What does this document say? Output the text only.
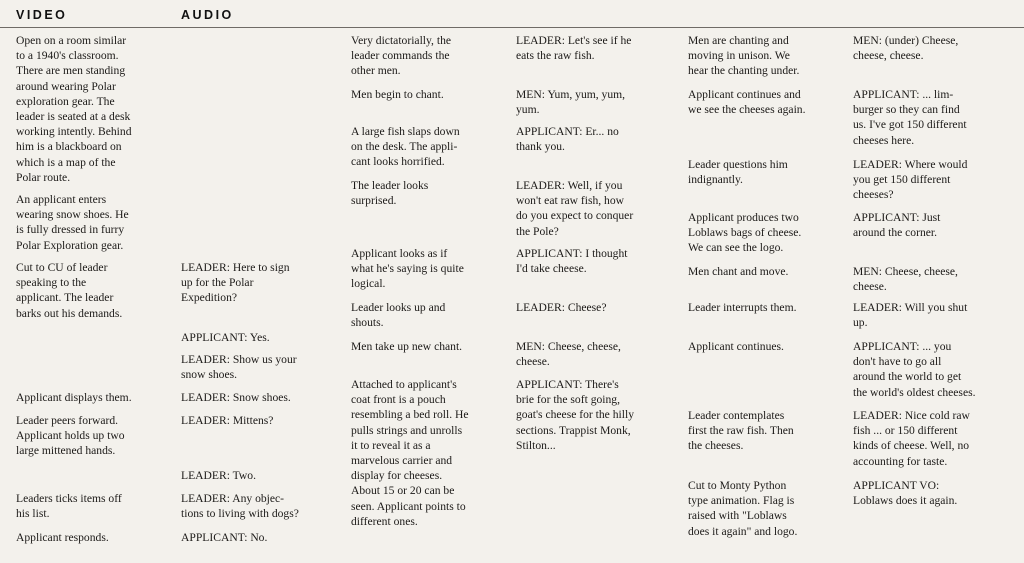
VIDEO	AUDIO

Open on a room similar
to a 1940's classroom.
There are men standing
around wearing Polar
exploration gear. The
leader is seated at a desk
working intently. Behind
him is a blackboard on
which is a map of the
Polar route.

An applicant enters
wearing snow shoes. He
is fully dressed in furry
Polar Exploration gear.

Cut to CU of leader
speaking to the
applicant. The leader
barks out his demands.

Applicant displays them.

Leader peers forward.
Applicant holds up two
large mittened hands.

Leaders ticks items off
his list.

Applicant responds.

LEADER: Here to sign
up for the Polar
Expedition?

APPLICANT: Yes.

LEADER: Show us your
snow shoes.

LEADER: Snow shoes.

LEADER: Mittens?

LEADER: Two.

LEADER: Any objec-
tions to living with dogs?

APPLICANT: No.

Very dictatorially, the
leader commands the
other men.

Men begin to chant.

A large fish slaps down
on the desk. The appli-
cant looks horrified.

The leader looks
surprised.

Applicant looks as if
what he's saying is quite
logical.

Leader looks up and
shouts.

Men take up new chant.

Attached to applicant's
coat front is a pouch
resembling a bed roll. He
pulls strings and unrolls
it to reveal it as a
marvelous carrier and
display for cheeses.
About 15 or 20 can be
seen. Applicant points to
different ones.

LEADER: Let's see if he
eats the raw fish.

MEN: Yum, yum, yum,
yum.

APPLICANT: Er... no
thank you.

LEADER: Well, if you
won't eat raw fish, how
do you expect to conquer
the Pole?

APPLICANT: I thought
I'd take cheese.

LEADER: Cheese?

MEN: Cheese, cheese,
cheese.

APPLICANT: There's
brie for the soft going,
goat's cheese for the hilly
sections. Trappist Monk,
Stilton...

Men are chanting and
moving in unison. We
hear the chanting under.

Applicant continues and
we see the cheeses again.

Leader questions him
indignantly.

Applicant produces two
Loblaws bags of cheese.
We can see the logo.

Men chant and move.

Leader interrupts them.

Applicant continues.

Leader contemplates
first the raw fish. Then
the cheeses.

Cut to Monty Python
type animation. Flag is
raised with "Loblaws
does it again" and logo.

MEN: (under) Cheese,
cheese, cheese.

APPLICANT: ... lim-
burger so they can find
us. I've got 150 different
cheeses here.

LEADER: Where would
you get 150 different
cheeses?

APPLICANT: Just
around the corner.

MEN: Cheese, cheese,
cheese.

LEADER: Will you shut
up.

APPLICANT: ... you
don't have to go all
around the world to get
the world's oldest cheeses.

LEADER: Nice cold raw
fish ... or 150 different
kinds of cheese. Well, no
accounting for taste.

APPLICANT VO:
Loblaws does it again.
